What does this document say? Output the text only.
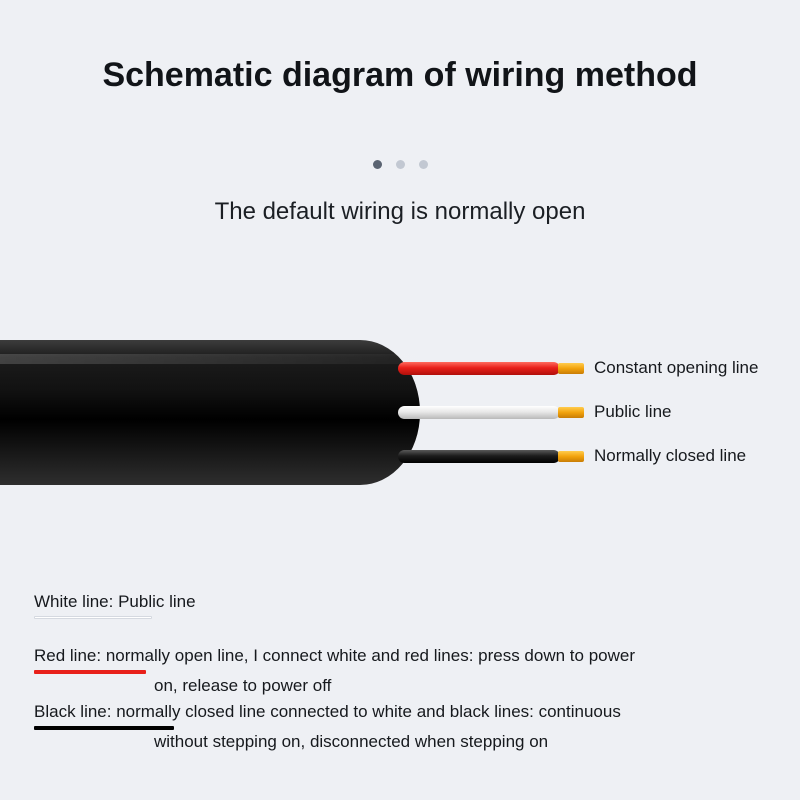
Schematic diagram of wiring method
The default wiring is normally open
Constant opening line
Public line
Normally closed line
White line: Public line
Red line: normally open line, I connect white and red lines: press down to power
on, release to power off
Black line: normally closed line connected to white and black lines: continuous
without stepping on, disconnected when stepping on
